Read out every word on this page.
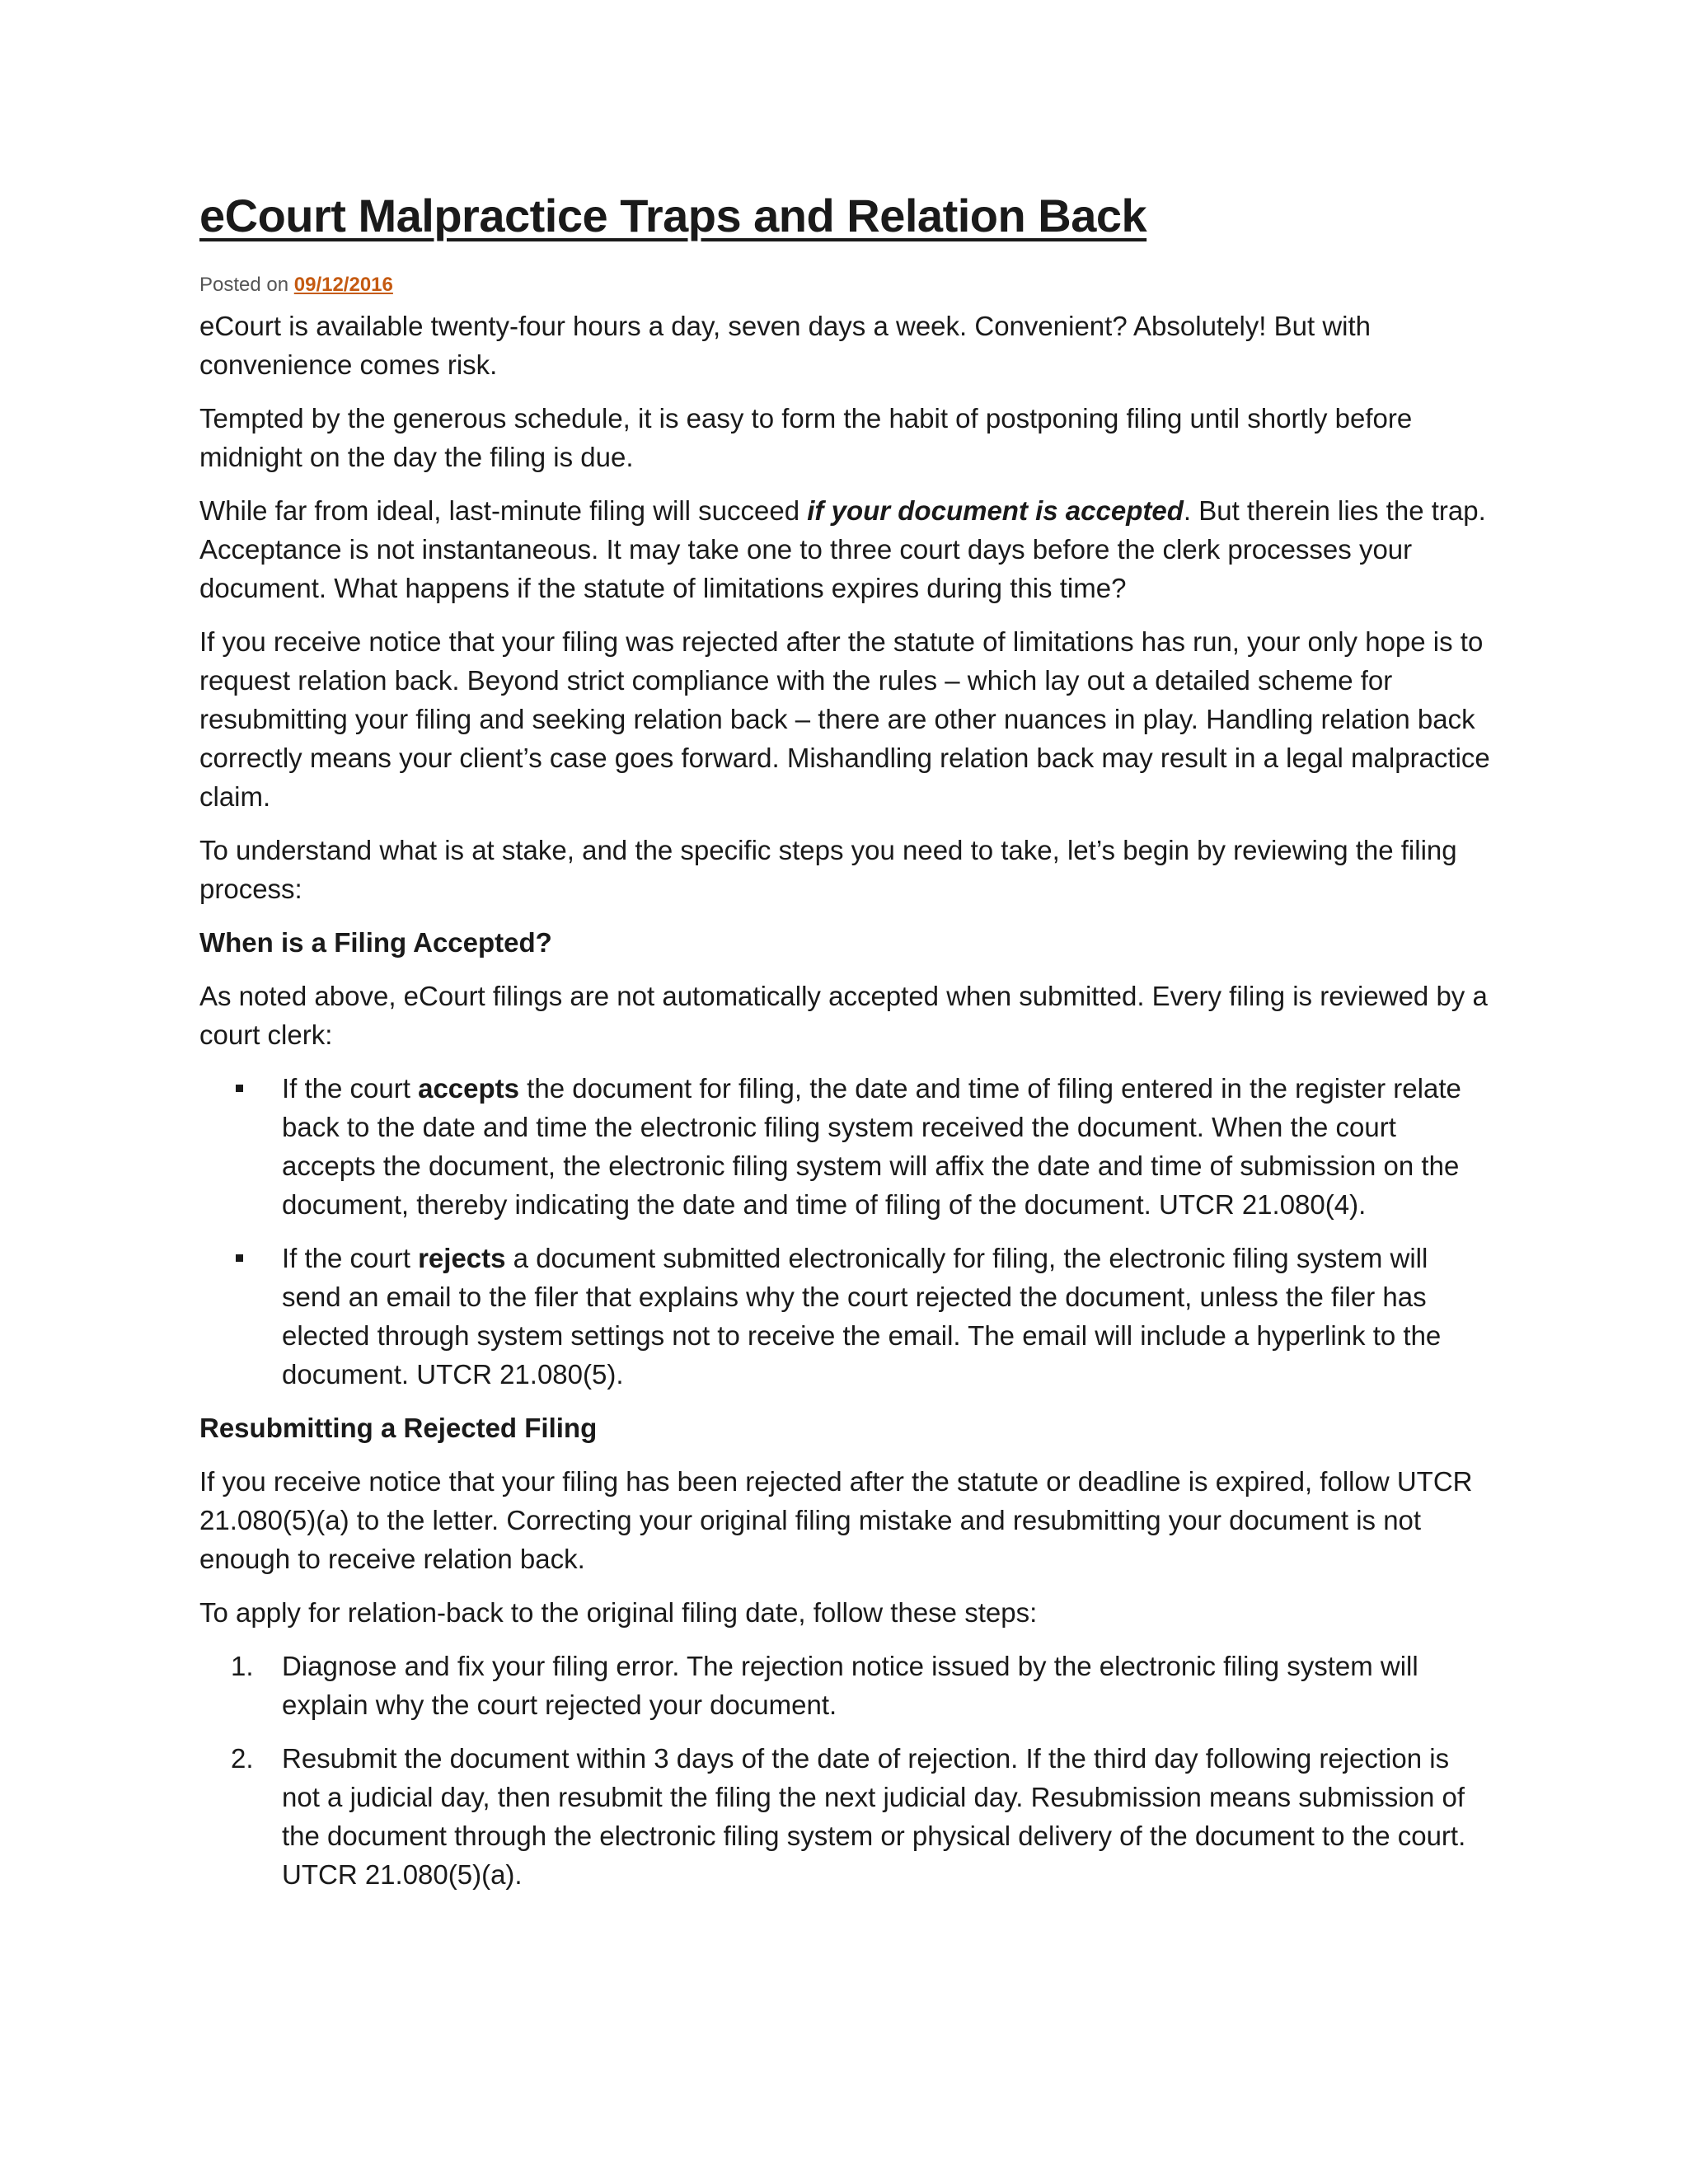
eCourt Malpractice Traps and Relation Back
Posted on 09/12/2016

eCourt is available twenty-four hours a day, seven days a week. Convenient? Absolutely! But with convenience comes risk.

Tempted by the generous schedule, it is easy to form the habit of postponing filing until shortly before midnight on the day the filing is due.

While far from ideal, last-minute filing will succeed if your document is accepted. But therein lies the trap. Acceptance is not instantaneous. It may take one to three court days before the clerk processes your document. What happens if the statute of limitations expires during this time?

If you receive notice that your filing was rejected after the statute of limitations has run, your only hope is to request relation back. Beyond strict compliance with the rules – which lay out a detailed scheme for resubmitting your filing and seeking relation back – there are other nuances in play. Handling relation back correctly means your client’s case goes forward. Mishandling relation back may result in a legal malpractice claim.

To understand what is at stake, and the specific steps you need to take, let’s begin by reviewing the filing process:

When is a Filing Accepted?

As noted above, eCourt filings are not automatically accepted when submitted. Every filing is reviewed by a court clerk:

If the court accepts the document for filing, the date and time of filing entered in the register relate back to the date and time the electronic filing system received the document. When the court accepts the document, the electronic filing system will affix the date and time of submission on the document, thereby indicating the date and time of filing of the document. UTCR 21.080(4).
If the court rejects a document submitted electronically for filing, the electronic filing system will send an email to the filer that explains why the court rejected the document, unless the filer has elected through system settings not to receive the email. The email will include a hyperlink to the document. UTCR 21.080(5).
Resubmitting a Rejected Filing

If you receive notice that your filing has been rejected after the statute or deadline is expired, follow UTCR 21.080(5)(a) to the letter. Correcting your original filing mistake and resubmitting your document is not enough to receive relation back.

To apply for relation-back to the original filing date, follow these steps:

1. Diagnose and fix your filing error. The rejection notice issued by the electronic filing system will explain why the court rejected your document.
2. Resubmit the document within 3 days of the date of rejection. If the third day following rejection is not a judicial day, then resubmit the filing the next judicial day. Resubmission means submission of the document through the electronic filing system or physical delivery of the document to the court. UTCR 21.080(5)(a).
